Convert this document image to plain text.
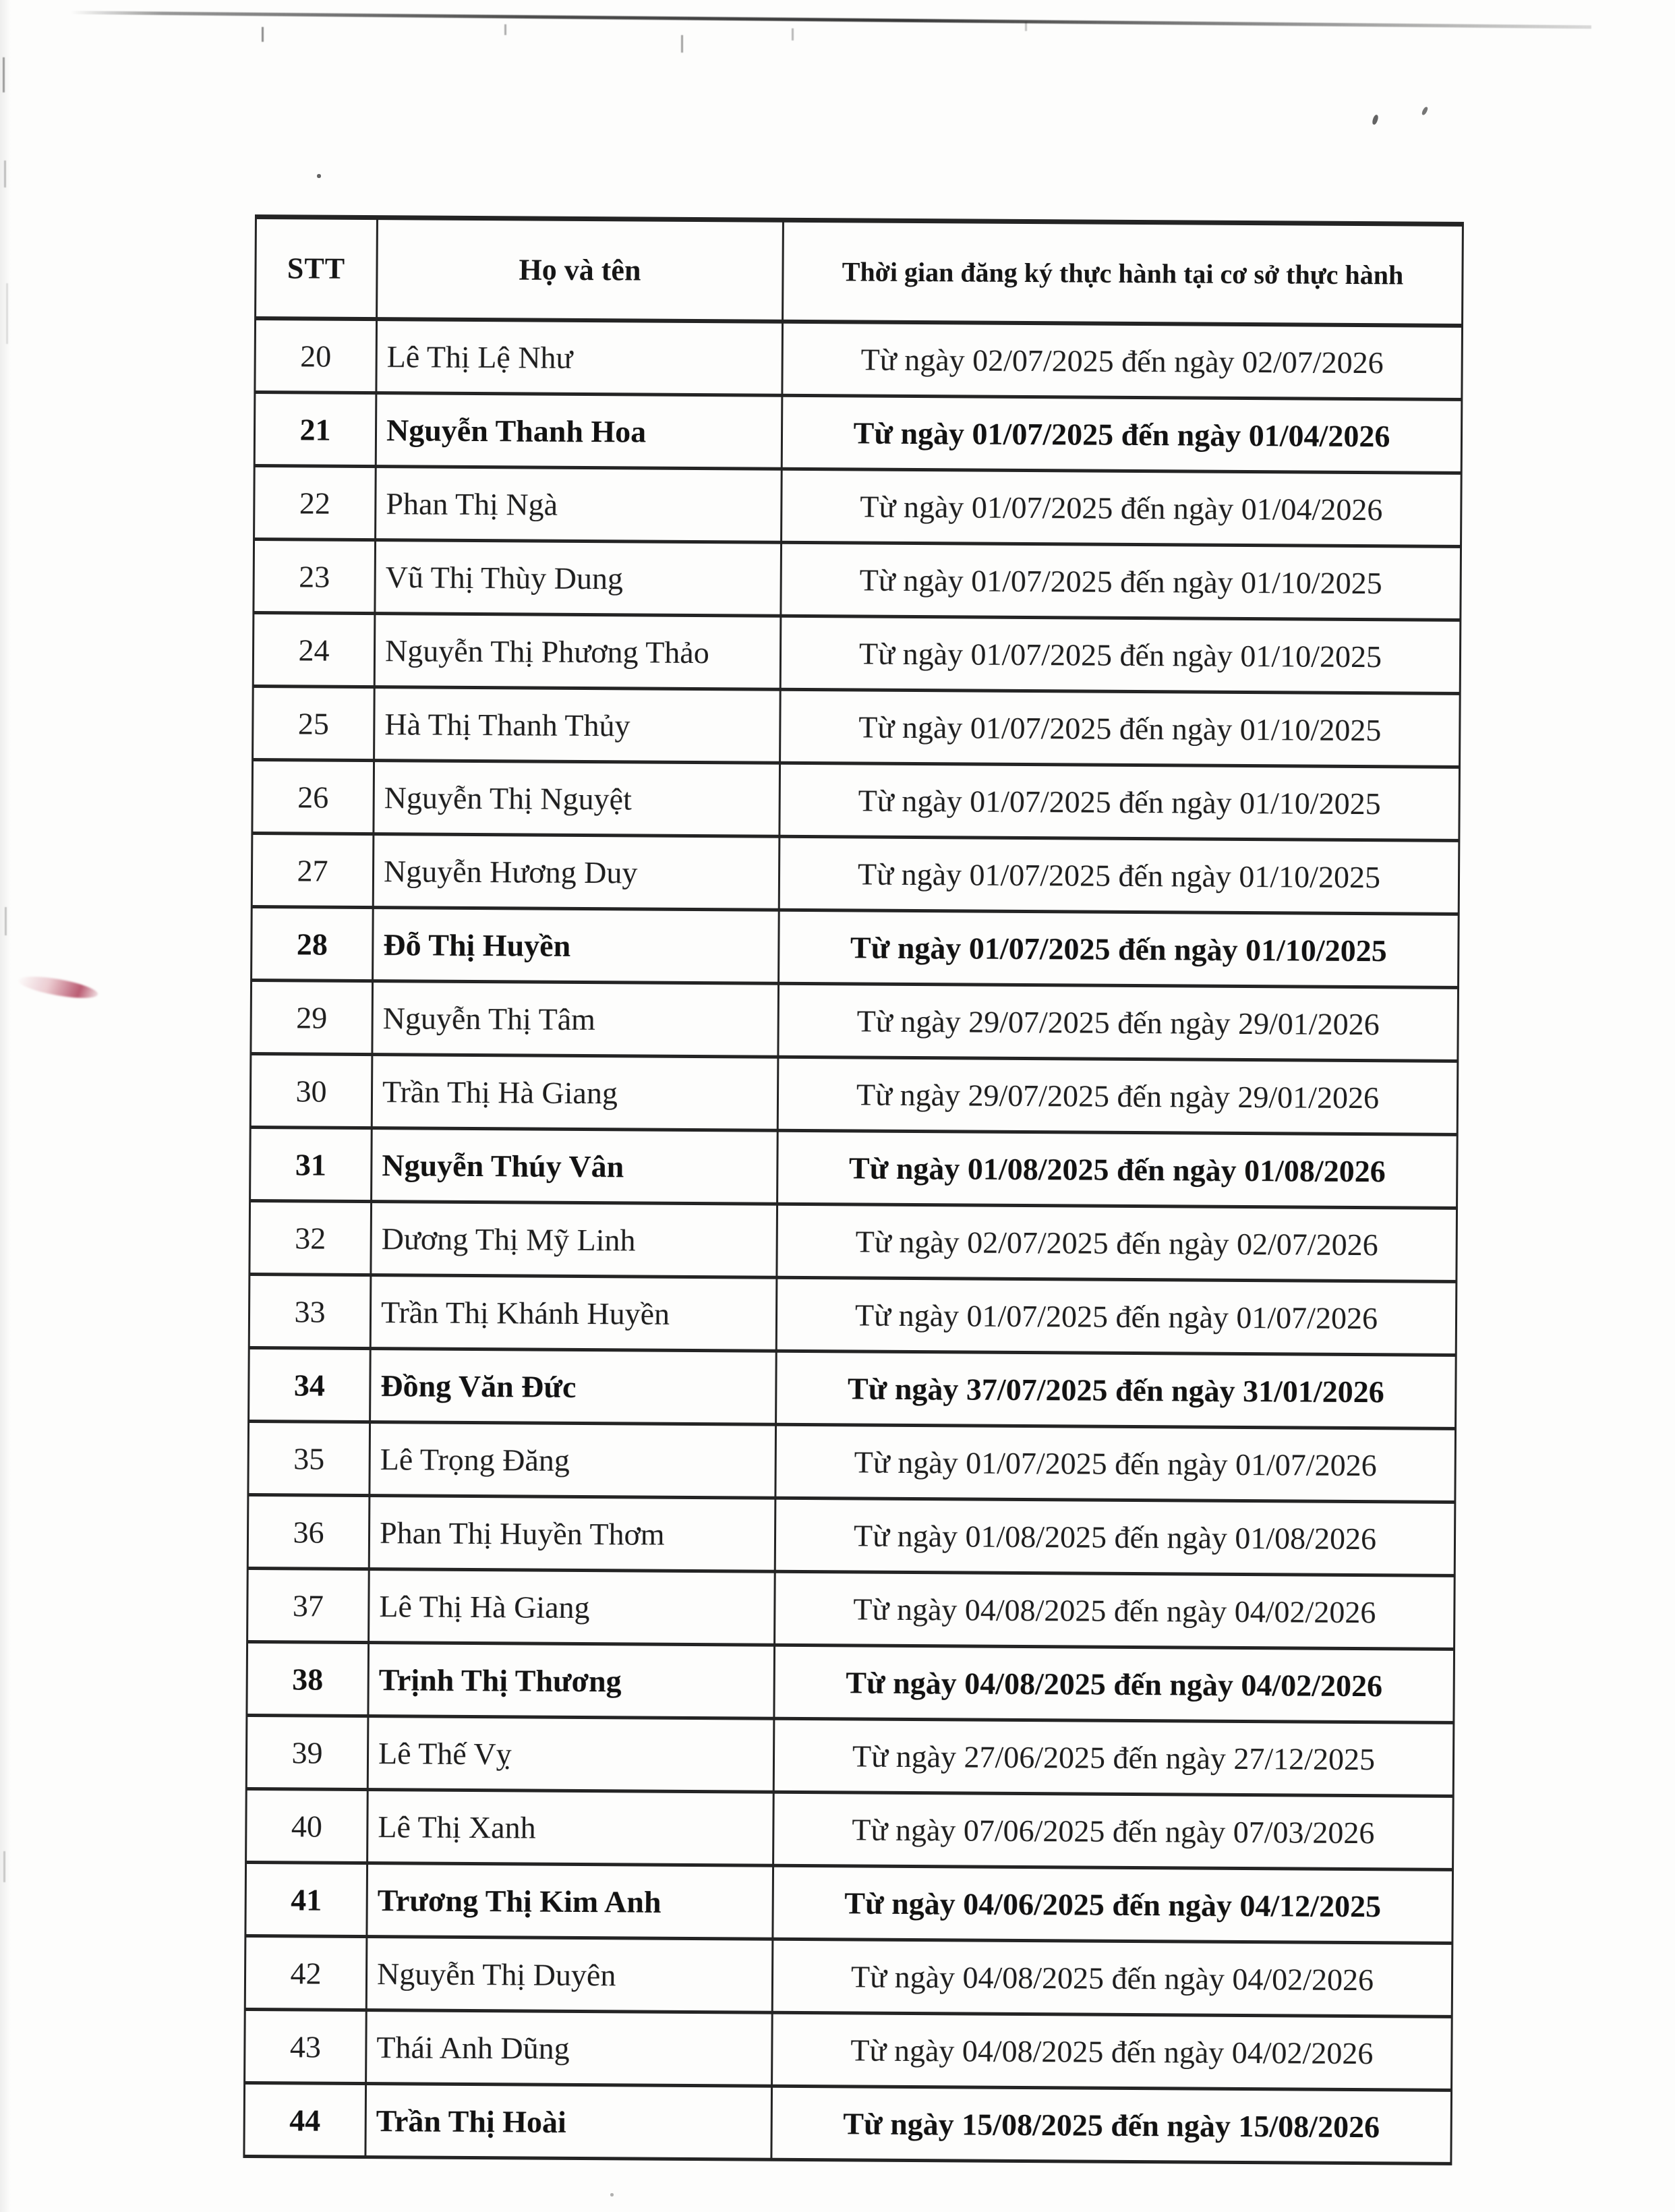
STT	Họ và tên	Thời gian đăng ký thực hành tại cơ sở thực hành
20	Lê Thị Lệ Như	Từ ngày 02/07/2025 đến ngày 02/07/2026
21	Nguyễn Thanh Hoa	Từ ngày 01/07/2025 đến ngày 01/04/2026
22	Phan Thị Ngà	Từ ngày 01/07/2025 đến ngày 01/04/2026
23	Vũ Thị Thùy Dung	Từ ngày 01/07/2025 đến ngày 01/10/2025
24	Nguyễn Thị Phương Thảo	Từ ngày 01/07/2025 đến ngày 01/10/2025
25	Hà Thị Thanh Thủy	Từ ngày 01/07/2025 đến ngày 01/10/2025
26	Nguyễn Thị Nguyệt	Từ ngày 01/07/2025 đến ngày 01/10/2025
27	Nguyễn Hương Duy	Từ ngày 01/07/2025 đến ngày 01/10/2025
28	Đỗ Thị Huyền	Từ ngày 01/07/2025 đến ngày 01/10/2025
29	Nguyễn Thị Tâm	Từ ngày 29/07/2025 đến ngày 29/01/2026
30	Trần Thị Hà Giang	Từ ngày 29/07/2025 đến ngày 29/01/2026
31	Nguyễn Thúy Vân	Từ ngày 01/08/2025 đến ngày 01/08/2026
32	Dương Thị Mỹ Linh	Từ ngày 02/07/2025 đến ngày 02/07/2026
33	Trần Thị Khánh Huyền	Từ ngày 01/07/2025 đến ngày 01/07/2026
34	Đồng Văn Đức	Từ ngày 37/07/2025 đến ngày 31/01/2026
35	Lê Trọng Đăng	Từ ngày 01/07/2025 đến ngày 01/07/2026
36	Phan Thị Huyền Thơm	Từ ngày 01/08/2025 đến ngày 01/08/2026
37	Lê Thị Hà Giang	Từ ngày 04/08/2025 đến ngày 04/02/2026
38	Trịnh Thị Thương	Từ ngày 04/08/2025 đến ngày 04/02/2026
39	Lê Thế Vỵ	Từ ngày 27/06/2025 đến ngày 27/12/2025
40	Lê Thị Xanh	Từ ngày 07/06/2025 đến ngày 07/03/2026
41	Trương Thị Kim Anh	Từ ngày 04/06/2025 đến ngày 04/12/2025
42	Nguyễn Thị Duyên	Từ ngày 04/08/2025 đến ngày 04/02/2026
43	Thái Anh Dũng	Từ ngày 04/08/2025 đến ngày 04/02/2026
44	Trần Thị Hoài	Từ ngày 15/08/2025 đến ngày 15/08/2026
